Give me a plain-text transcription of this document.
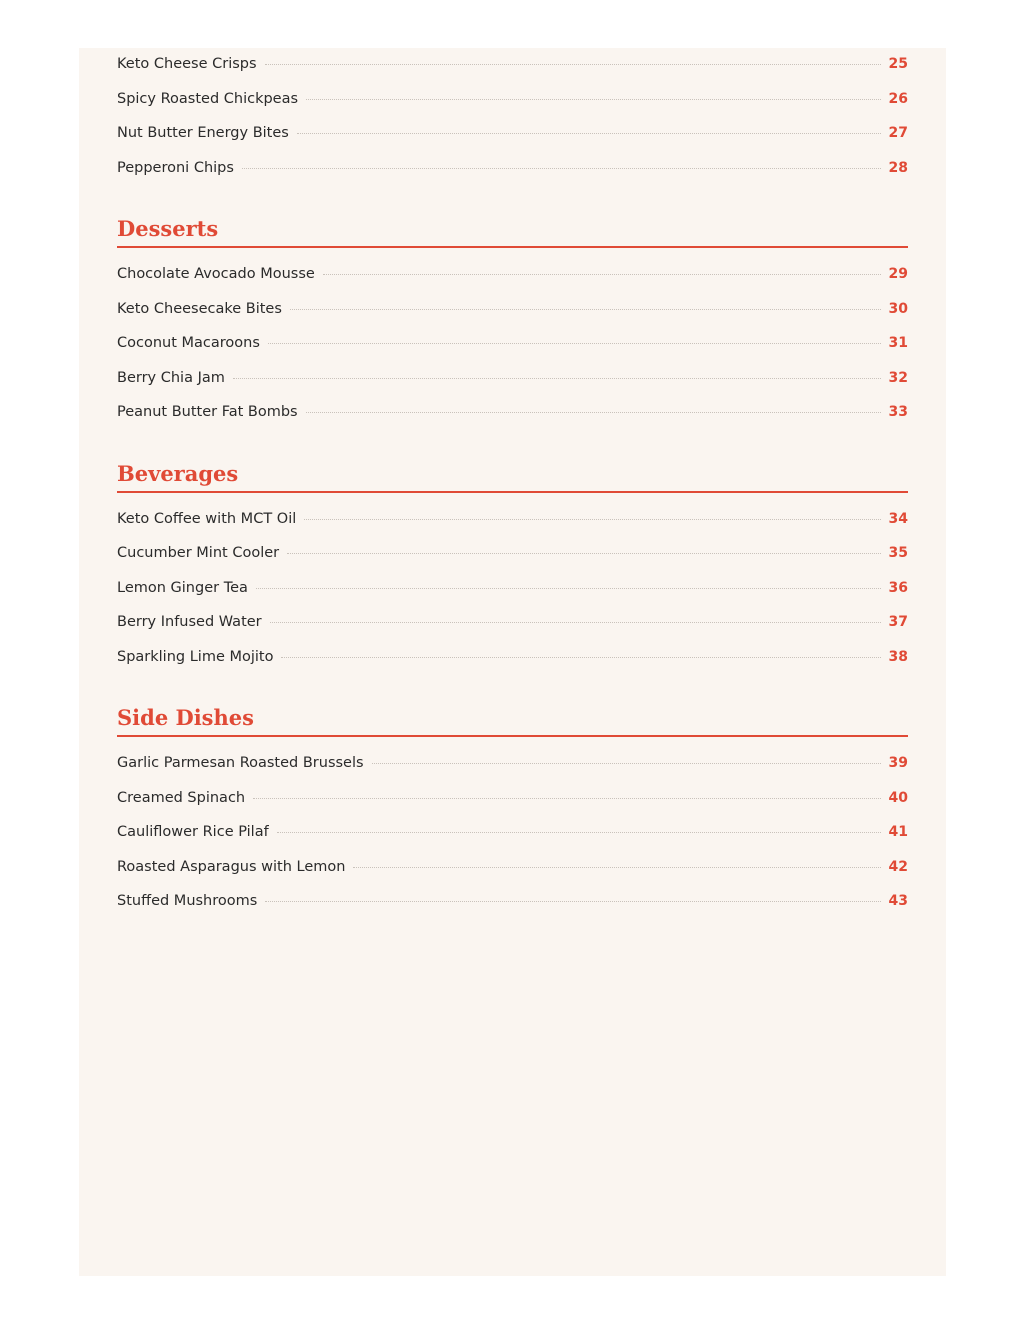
Keto Cheese Crisps	25
Spicy Roasted Chickpeas	26
Nut Butter Energy Bites	27
Pepperoni Chips	28
Desserts
Chocolate Avocado Mousse	29
Keto Cheesecake Bites	30
Coconut Macaroons	31
Berry Chia Jam	32
Peanut Butter Fat Bombs	33
Beverages
Keto Coffee with MCT Oil	34
Cucumber Mint Cooler	35
Lemon Ginger Tea	36
Berry Infused Water	37
Sparkling Lime Mojito	38
Side Dishes
Garlic Parmesan Roasted Brussels	39
Creamed Spinach	40
Cauliflower Rice Pilaf	41
Roasted Asparagus with Lemon	42
Stuffed Mushrooms	43
